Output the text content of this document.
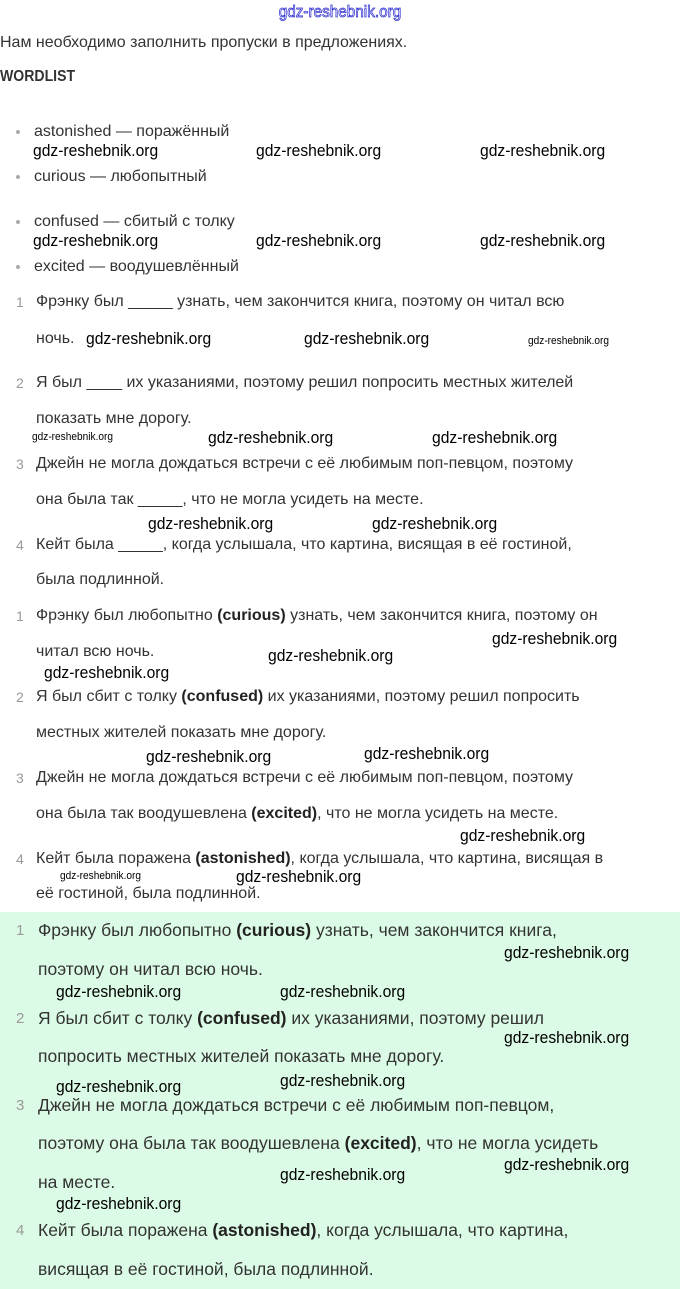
gdz-reshebnik.org
Нам необходимо заполнить пропуски в предложениях.
WORDLIST
astonished — поражённый
curious — любопытный
confused — сбитый с толку
excited — воодушевлённый
1 Фрэнку был _____ узнать, чем закончится книга, поэтому он читал всю
ночь.
2 Я был ____ их указаниями, поэтому решил попросить местных жителей
показать мне дорогу.
3 Джейн не могла дождаться встречи с её любимым поп-певцом, поэтому
она была так _____, что не могла усидеть на месте.
4 Кейт была _____, когда услышала, что картина, висящая в её гостиной,
была подлинной.
1 Фрэнку был любопытно (curious) узнать, чем закончится книга, поэтому он
читал всю ночь.
2 Я был сбит с толку (confused) их указаниями, поэтому решил попросить
местных жителей показать мне дорогу.
3 Джейн не могла дождаться встречи с её любимым поп-певцом, поэтому
она была так воодушевлена (excited), что не могла усидеть на месте.
4 Кейт была поражена (astonished), когда услышала, что картина, висящая в
её гостиной, была подлинной.
1 Фрэнку был любопытно (curious) узнать, чем закончится книга,
поэтому он читал всю ночь.
2 Я был сбит с толку (confused) их указаниями, поэтому решил
попросить местных жителей показать мне дорогу.
3 Джейн не могла дождаться встречи с её любимым поп-певцом,
поэтому она была так воодушевлена (excited), что не могла усидеть
на месте.
4 Кейт была поражена (astonished), когда услышала, что картина,
висящая в её гостиной, была подлинной.
gdz-reshebnik.org	gdz-reshebnik.org	gdz-reshebnik.org
gdz-reshebnik.org	gdz-reshebnik.org	gdz-reshebnik.org
gdz-reshebnik.org	gdz-reshebnik.org	gdz-reshebnik.org
gdz-reshebnik.org	gdz-reshebnik.org	gdz-reshebnik.org
gdz-reshebnik.org	gdz-reshebnik.org
gdz-reshebnik.org
gdz-reshebnik.org
gdz-reshebnik.org
gdz-reshebnik.org
gdz-reshebnik.org
gdz-reshebnik.org
gdz-reshebnik.org	gdz-reshebnik.org
gdz-reshebnik.org
gdz-reshebnik.org	gdz-reshebnik.org
gdz-reshebnik.org
gdz-reshebnik.org	gdz-reshebnik.org
gdz-reshebnik.org
gdz-reshebnik.org
gdz-reshebnik.org
